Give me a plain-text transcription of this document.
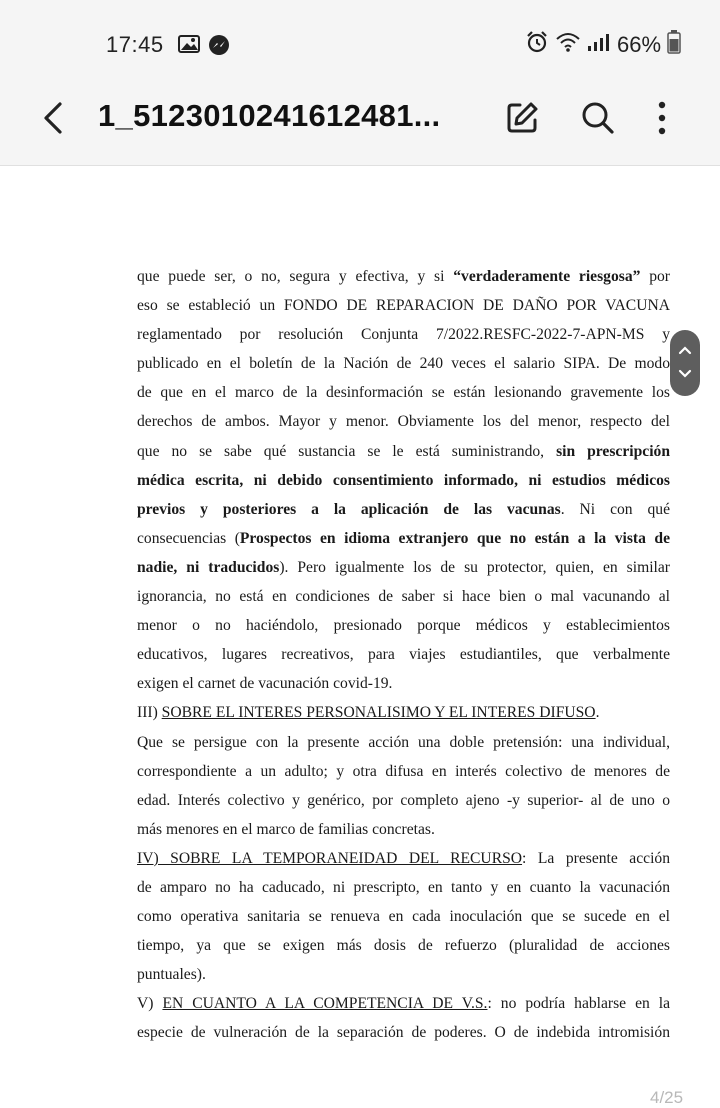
17:45	66%
1_5123010241612481...
que puede ser, o no, segura y efectiva, y si “verdaderamente riesgosa” por
eso se estableció un FONDO DE REPARACION DE DAÑO POR VACUNA
reglamentado por resolución Conjunta 7/2022.RESFC-2022-7-APN-MS y
publicado en el boletín de la Nación de 240 veces el salario SIPA. De modo
de que en el marco de la desinformación se están lesionando gravemente los
derechos de ambos. Mayor y menor. Obviamente los del menor, respecto del
que no se sabe qué sustancia se le está suministrando, sin prescripción
médica escrita, ni debido consentimiento informado, ni estudios médicos
previos y posteriores a la aplicación de las vacunas. Ni con qué
consecuencias (Prospectos en idioma extranjero que no están a la vista de
nadie, ni traducidos). Pero igualmente los de su protector, quien, en similar
ignorancia, no está en condiciones de saber si hace bien o mal vacunando al
menor o no haciéndolo, presionado porque médicos y establecimientos
educativos, lugares recreativos, para viajes estudiantiles, que verbalmente
exigen el carnet de vacunación covid-19.
III) SOBRE EL INTERES PERSONALISIMO Y EL INTERES DIFUSO.
Que se persigue con la presente acción una doble pretensión: una individual,
correspondiente a un adulto; y otra difusa en interés colectivo de menores de
edad. Interés colectivo y genérico, por completo ajeno -y superior- al de uno o
más menores en el marco de familias concretas.
IV) SOBRE LA TEMPORANEIDAD DEL RECURSO: La presente acción
de amparo no ha caducado, ni prescripto, en tanto y en cuanto la vacunación
como operativa sanitaria se renueva en cada inoculación que se sucede en el
tiempo, ya que se exigen más dosis de refuerzo (pluralidad de acciones
puntuales).
V) EN CUANTO A LA COMPETENCIA DE V.S.: no podría hablarse en la
especie de vulneración de la separación de poderes. O de indebida intromisión
4/25
